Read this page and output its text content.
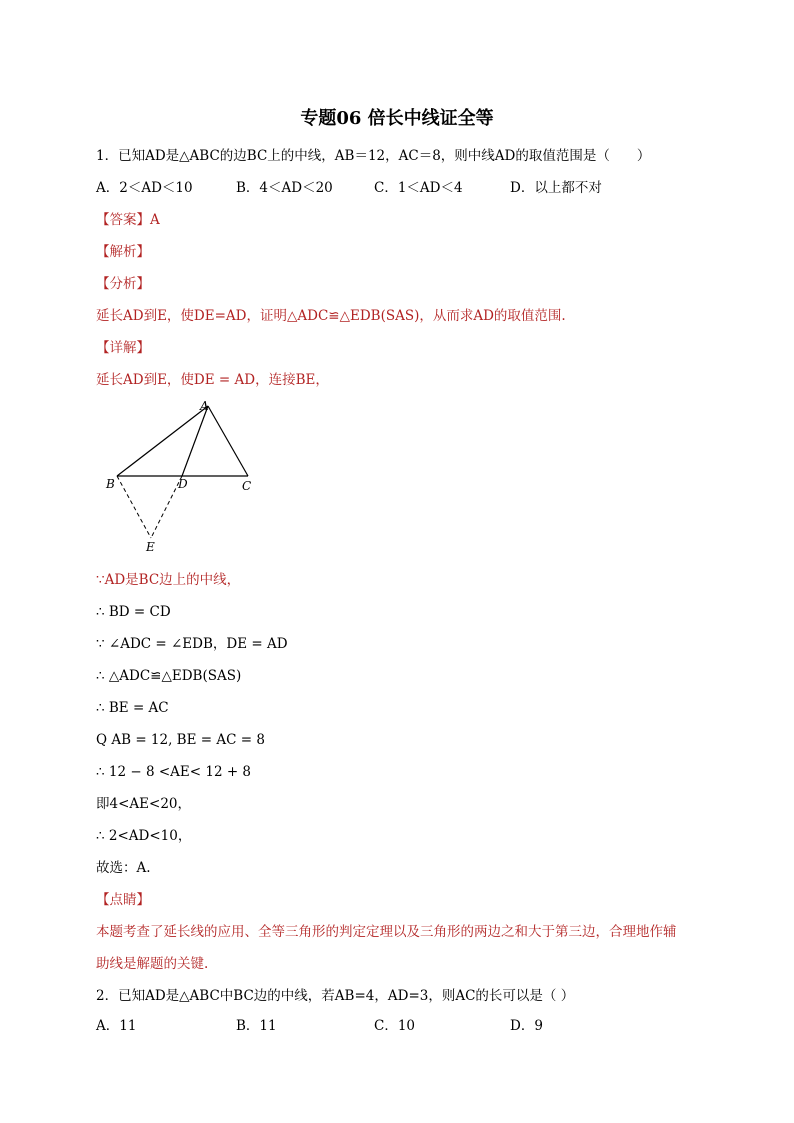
专题06 倍长中线证全等
1．已知AD是△ABC的边BC上的中线，AB＝12，AC＝8，则中线AD的取值范围是（　　）
A．2＜AD＜10	B．4＜AD＜20	C．1＜AD＜4	D．以上都不对
【答案】A
【解析】
【分析】
延长AD到E，使DE=AD，证明△ADC≌△EDB(SAS)，从而求AD的取值范围.
【详解】
延长AD到E，使DE = AD，连接BE，
A
B	D	C
E
∵AD是BC边上的中线，
∴ BD = CD
∵ ∠ADC = ∠EDB，DE = AD
∴ △ADC≌△EDB(SAS)
∴ BE = AC
Q AB = 12, BE = AC = 8
∴ 12 − 8 <AE< 12 + 8
即4<AE<20，
∴ 2<AD<10，
故选：A.
【点睛】
本题考查了延长线的应用、全等三角形的判定定理以及三角形的两边之和大于第三边，合理地作辅
助线是解题的关键.
2．已知AD是△ABC中BC边的中线，若AB=4，AD=3，则AC的长可以是（ ）
A．11	B．11	C．10	D．9
